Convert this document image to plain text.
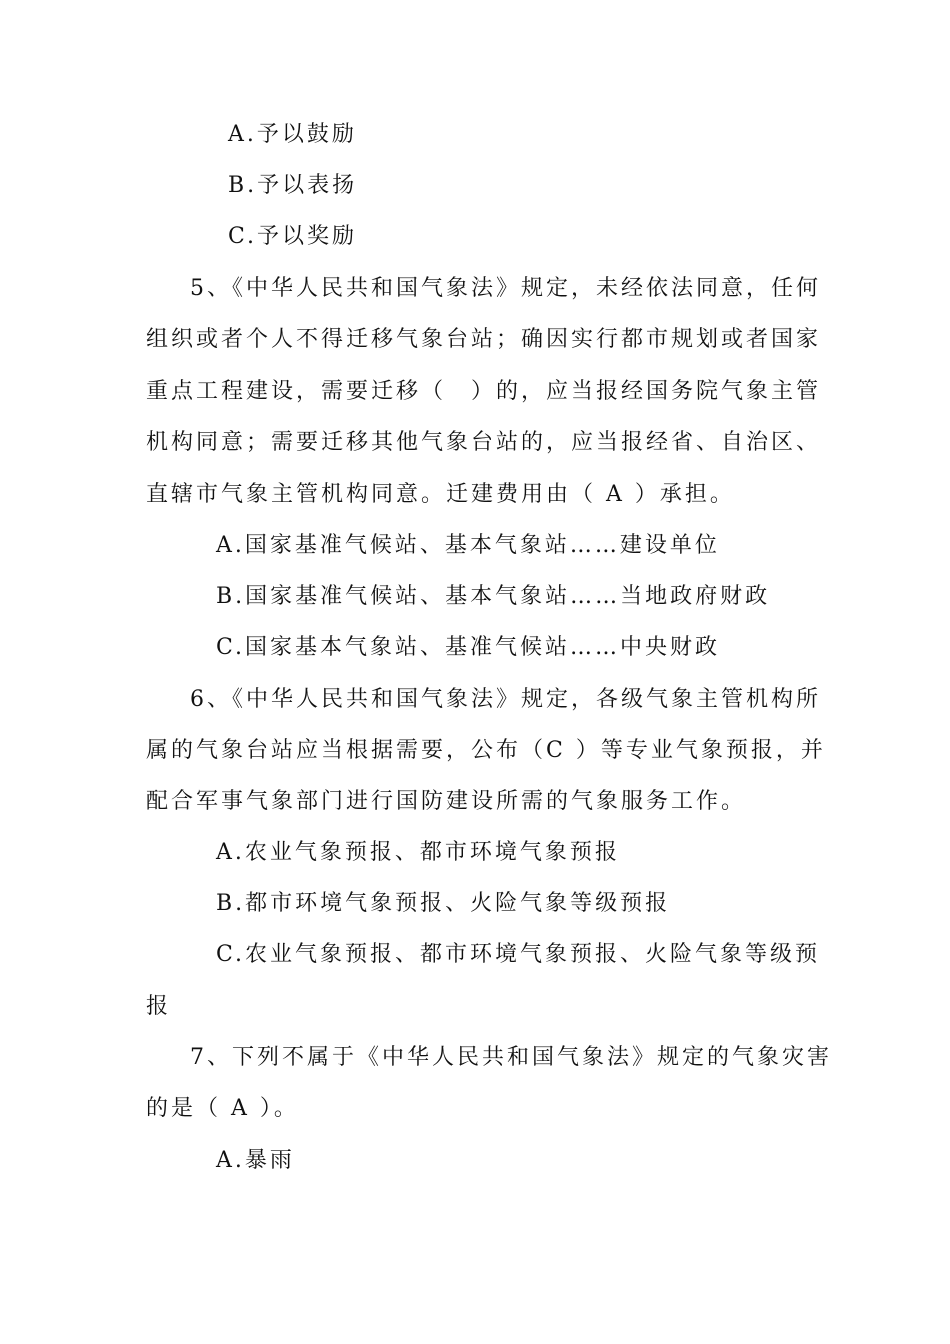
A.予以鼓励
B.予以表扬
C.予以奖励
5、《中华人民共和国气象法》规定，未经依法同意，任何
组织或者个人不得迁移气象台站；确因实行都市规划或者国家
重点工程建设，需要迁移（　）的，应当报经国务院气象主管
机构同意；需要迁移其他气象台站的，应当报经省、自治区、
直辖市气象主管机构同意。迁建费用由（ A ）承担。
A.国家基准气候站、基本气象站……建设单位
B.国家基准气候站、基本气象站……当地政府财政
C.国家基本气象站、基准气候站……中央财政
6、《中华人民共和国气象法》规定，各级气象主管机构所
属的气象台站应当根据需要，公布（C ）等专业气象预报，并
配合军事气象部门进行国防建设所需的气象服务工作。
A.农业气象预报、都市环境气象预报
B.都市环境气象预报、火险气象等级预报
C.农业气象预报、都市环境气象预报、火险气象等级预
报
7、下列不属于《中华人民共和国气象法》规定的气象灾害
的是（ A ）。
A.暴雨
